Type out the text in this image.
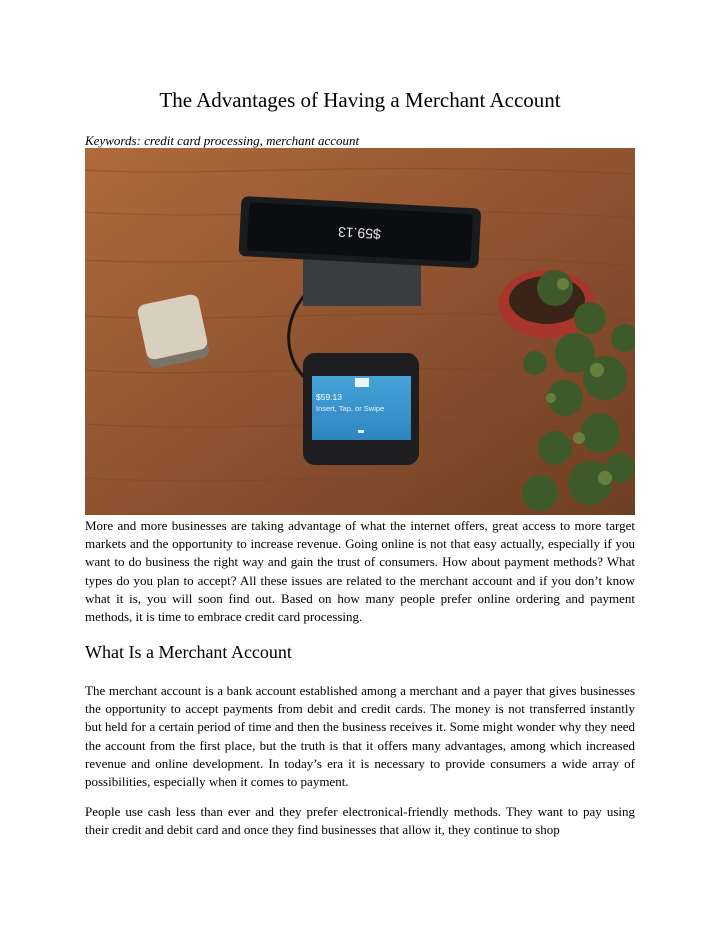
The Advantages of Having a Merchant Account

Keywords: credit card processing, merchant account

$59.13
$59.13
Insert, Tap, or Swipe

More and more businesses are taking advantage of what the internet offers, great access to more target markets and the opportunity to increase revenue. Going online is not that easy actually, especially if you want to do business the right way and gain the trust of consumers. How about payment methods? What types do you plan to accept? All these issues are related to the merchant account and if you don’t know what it is, you will soon find out. Based on how many people prefer online ordering and payment methods, it is time to embrace credit card processing.

What Is a Merchant Account

The merchant account is a bank account established among a merchant and a payer that gives businesses the opportunity to accept payments from debit and credit cards. The money is not transferred instantly but held for a certain period of time and then the business receives it. Some might wonder why they need the account from the first place, but the truth is that it offers many advantages, among which increased revenue and online development. In today’s era it is necessary to provide consumers a wide array of possibilities, especially when it comes to payment.

People use cash less than ever and they prefer electronical-friendly methods. They want to pay using their credit and debit card and once they find businesses that allow it, they continue to shop
